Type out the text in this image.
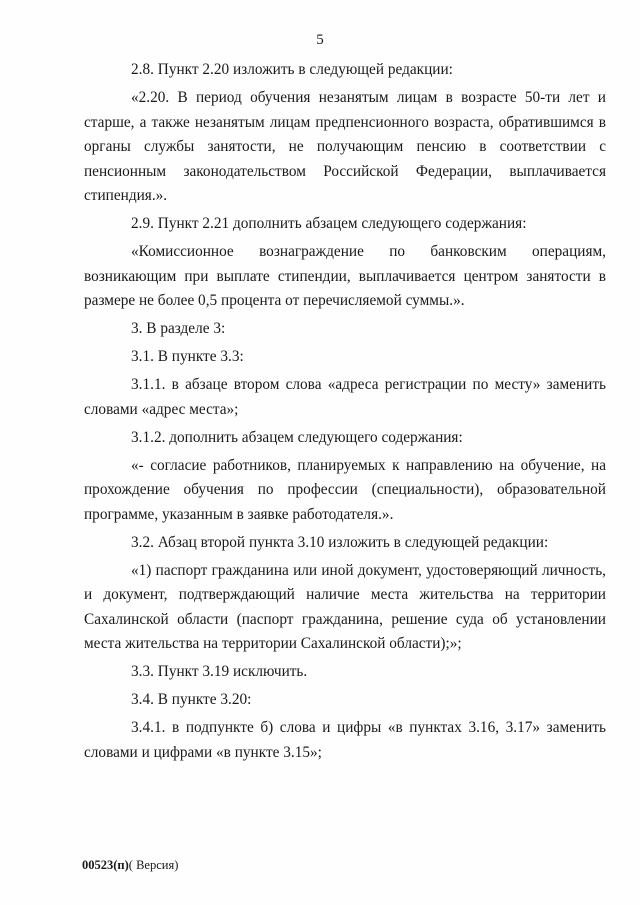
5

2.8. Пункт 2.20 изложить в следующей редакции:

«2.20. В период обучения незанятым лицам в возрасте 50-ти лет и старше, а также незанятым лицам предпенсионного возраста, обратившимся в органы службы занятости, не получающим пенсию в соответствии с пенсионным законодательством Российской Федерации, выплачивается стипендия.».

2.9. Пункт 2.21 дополнить абзацем следующего содержания:

«Комиссионное вознаграждение по банковским операциям, возникающим при выплате стипендии, выплачивается центром занятости в размере не более 0,5 процента от перечисляемой суммы.».

3. В разделе 3:

3.1. В пункте 3.3:

3.1.1. в абзаце втором слова «адреса регистрации по месту» заменить словами «адрес места»;

3.1.2. дополнить абзацем следующего содержания:

«- согласие работников, планируемых к направлению на обучение, на прохождение обучения по профессии (специальности), образовательной программе, указанным в заявке работодателя.».

3.2. Абзац второй пункта 3.10 изложить в следующей редакции:

«1) паспорт гражданина или иной документ, удостоверяющий личность, и документ, подтверждающий наличие места жительства на территории Сахалинской области (паспорт гражданина, решение суда об установлении места жительства на территории Сахалинской области);»;

3.3. Пункт 3.19 исключить.

3.4. В пункте 3.20:

3.4.1. в подпункте б) слова и цифры «в пунктах 3.16, 3.17» заменить словами и цифрами «в пункте 3.15»;

00523(п)( Версия)
